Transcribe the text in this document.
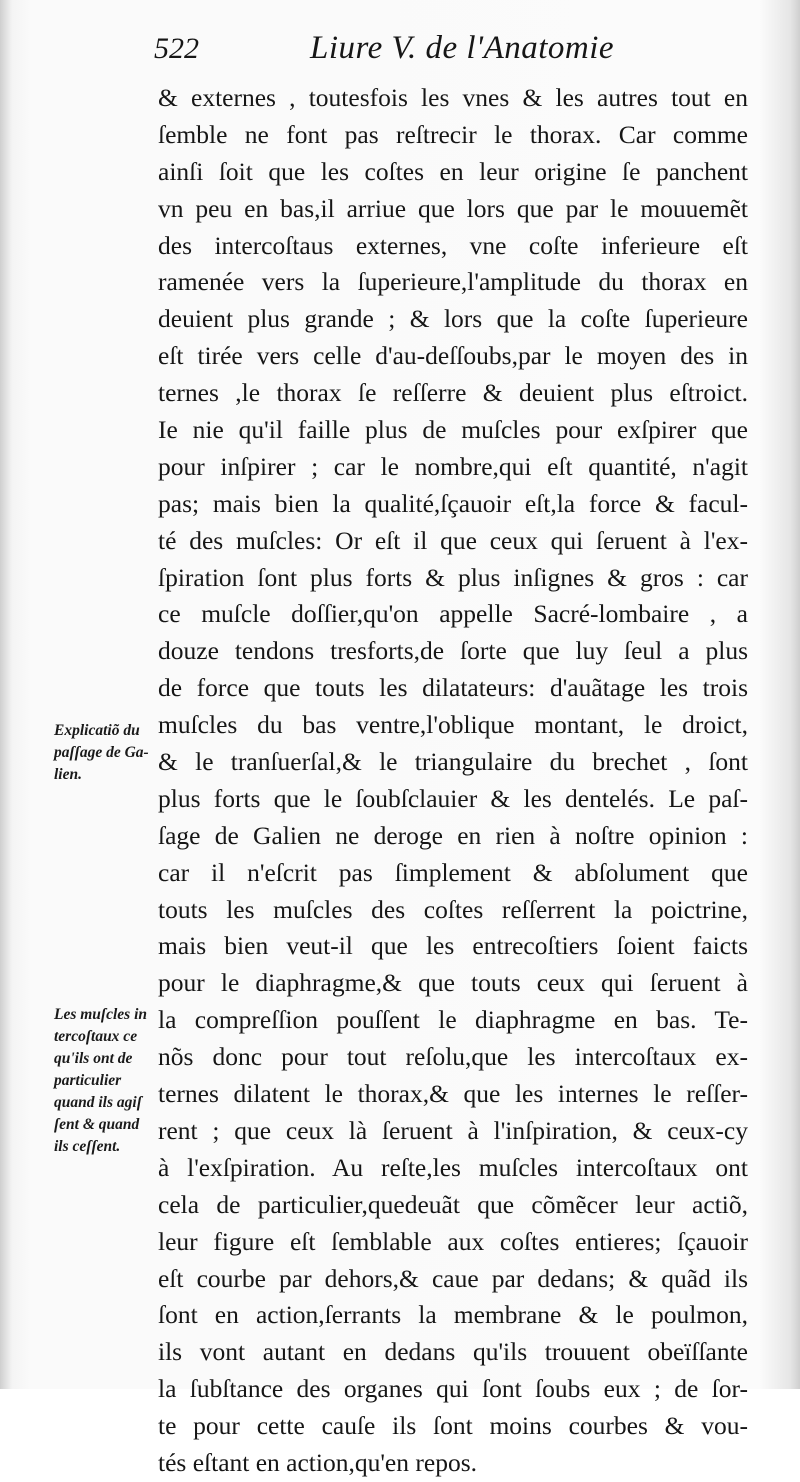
522	Liure V. de l'Anatomie
& externes , toutesfois les vnes & les autres tout en
ſemble ne font pas reſtrecir le thorax. Car comme
ainſi ſoit que les coſtes en leur origine ſe panchent
vn peu en bas,il arriue que lors que par le mouuemẽt
des intercoſtaus externes, vne coſte inferieure eſt
ramenée vers la ſuperieure,l'amplitude du thorax en
deuient plus grande ; & lors que la coſte ſuperieure
eſt tirée vers celle d'au-deſſoubs,par le moyen des in
ternes ,le thorax ſe reſſerre & deuient plus eſtroict.
Ie nie qu'il faille plus de muſcles pour exſpirer que
pour inſpirer ; car le nombre,qui eſt quantité, n'agit
pas; mais bien la qualité,ſçauoir eſt,la force & facul-
té des muſcles: Or eſt il que ceux qui ſeruent à l'ex-
ſpiration ſont plus forts & plus inſignes & gros : car
ce muſcle doſſier,qu'on appelle Sacré-lombaire , a
douze tendons tresforts,de ſorte que luy ſeul a plus
de force que touts les dilatateurs: d'auãtage les trois
muſcles du bas ventre,l'oblique montant, le droict,
& le tranſuerſal,& le triangulaire du brechet , ſont
plus forts que le ſoubſclauier & les dentelés. Le paſ-
ſage de Galien ne deroge en rien à noſtre opinion :
car il n'eſcrit pas ſimplement & abſolument que
touts les muſcles des coſtes reſſerrent la poictrine,
mais bien veut-il que les entrecoſtiers ſoient faicts
pour le diaphragme,& que touts ceux qui ſeruent à
la compreſſion pouſſent le diaphragme en bas. Te-
nõs donc pour tout reſolu,que les intercoſtaux ex-
ternes dilatent le thorax,& que les internes le reſſer-
rent ; que ceux là ſeruent à l'inſpiration, & ceux-cy
à l'exſpiration. Au reſte,les muſcles intercoſtaux ont
cela de particulier,quedeuãt que cõmẽcer leur actiõ,
leur figure eſt ſemblable aux coſtes entieres; ſçauoir
eſt courbe par dehors,& caue par dedans; & quãd ils
ſont en action,ſerrants la membrane & le poulmon,
ils vont autant en dedans qu'ils trouuent obeïſſante
la ſubſtance des organes qui ſont ſoubs eux ; de ſor-
te pour cette cauſe ils ſont moins courbes & vou-
tés eſtant en action,qu'en repos.
Explicatiõ du
paſſage de Ga-
lien.
Les muſcles in
tercoſtaux ce
qu'ils ont de
particulier
quand ils agiſ
ſent & quand
ils ceſſent.
